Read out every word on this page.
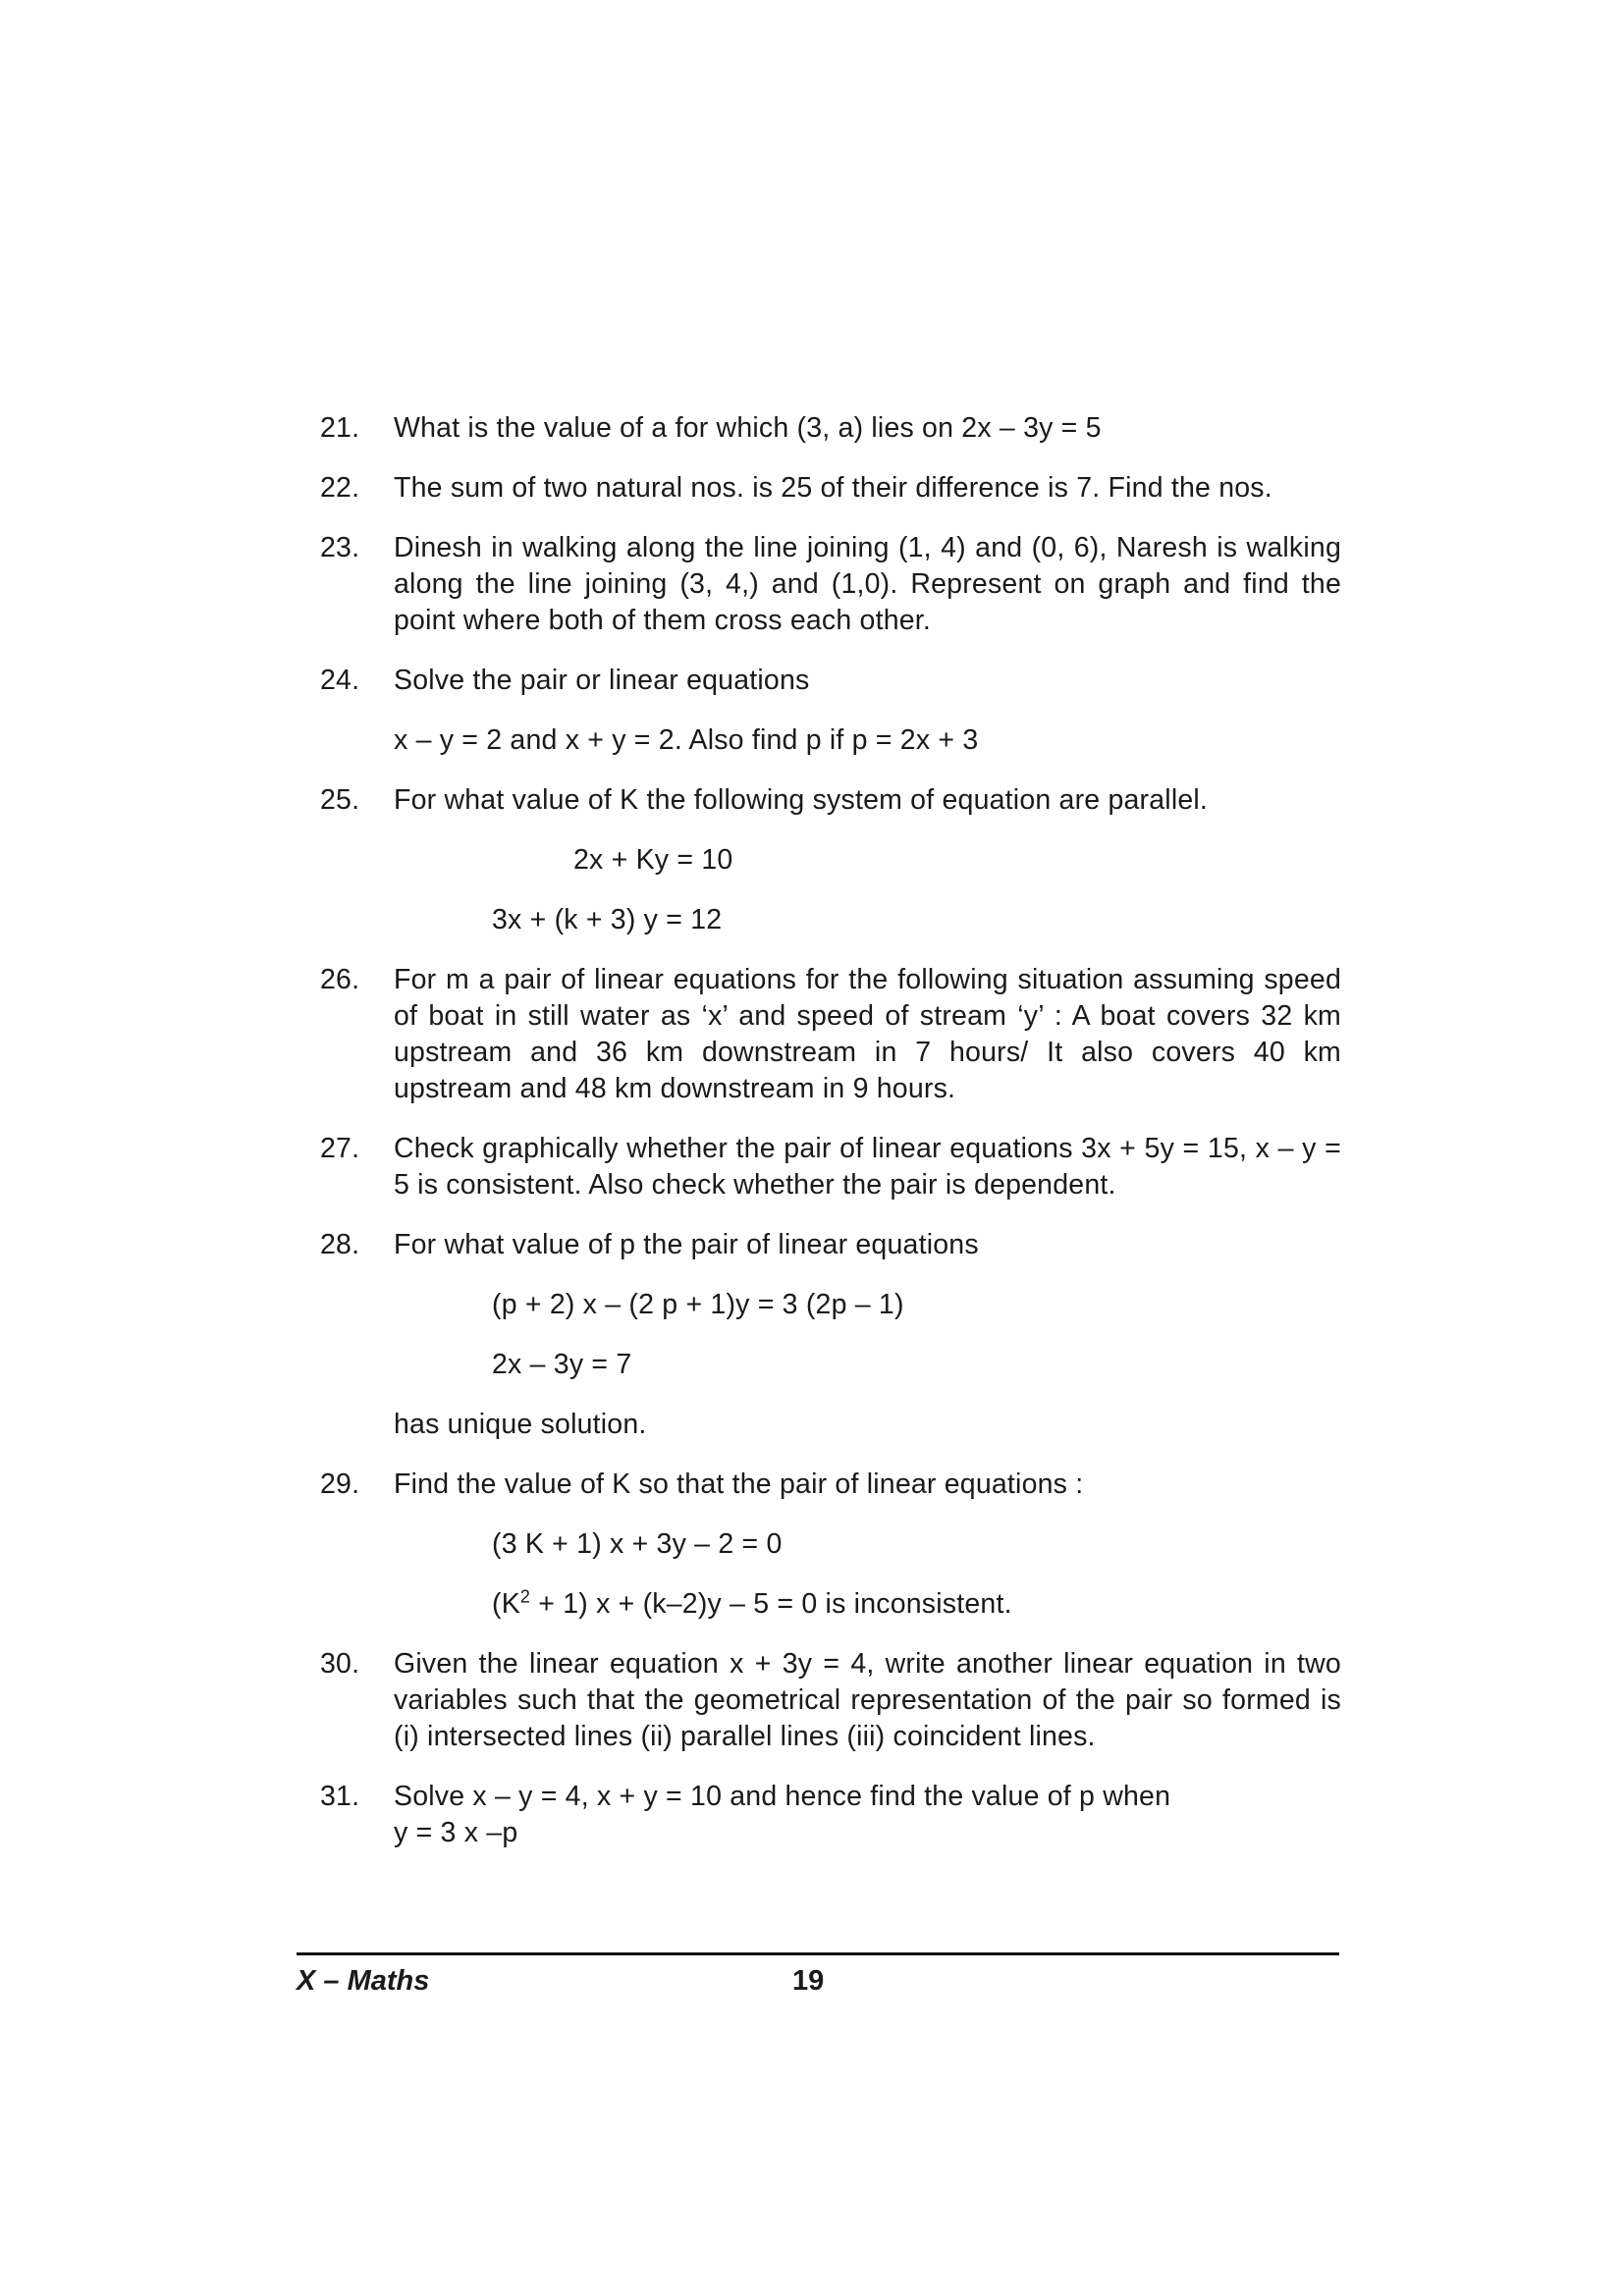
21.	What is the value of a for which (3, a) lies on 2x – 3y = 5
22.	The sum of two natural nos. is 25 of their difference is 7. Find the nos.
23.	Dinesh in walking along the line joining (1, 4) and (0, 6), Naresh is walking along the line joining (3, 4,) and (1,0). Represent on graph and find the point where both of them cross each other.
24.	Solve the pair or linear equations
x – y = 2 and x + y = 2. Also find p if p = 2x + 3
25.	For what value of K the following system of equation are parallel.
2x + Ky = 10
3x + (k + 3) y = 12
26.	For m a pair of linear equations for the following situation assuming speed of boat in still water as ‘x’ and speed of stream ‘y’ : A boat covers 32 km upstream and 36 km downstream in 7 hours/ It also covers 40 km upstream and 48 km downstream in 9 hours.
27.	Check graphically whether the pair of linear equations 3x + 5y = 15, x – y = 5 is consistent. Also check whether the pair is dependent.
28.	For what value of p the pair of linear equations
(p + 2) x – (2 p + 1)y = 3 (2p – 1)
2x – 3y = 7
has unique solution.
29.	Find the value of K so that the pair of linear equations :
(3 K + 1) x + 3y – 2 = 0
$(K^2 + 1) x + (k-2)y - 5 = 0$ is inconsistent.
30.	Given the linear equation x + 3y = 4, write another linear equation in two variables such that the geometrical representation of the pair so formed is (i) intersected lines (ii) parallel lines (iii) coincident lines.
31.	Solve x – y = 4, x + y = 10 and hence find the value of p when
y = 3 x –p
X – Maths	19
